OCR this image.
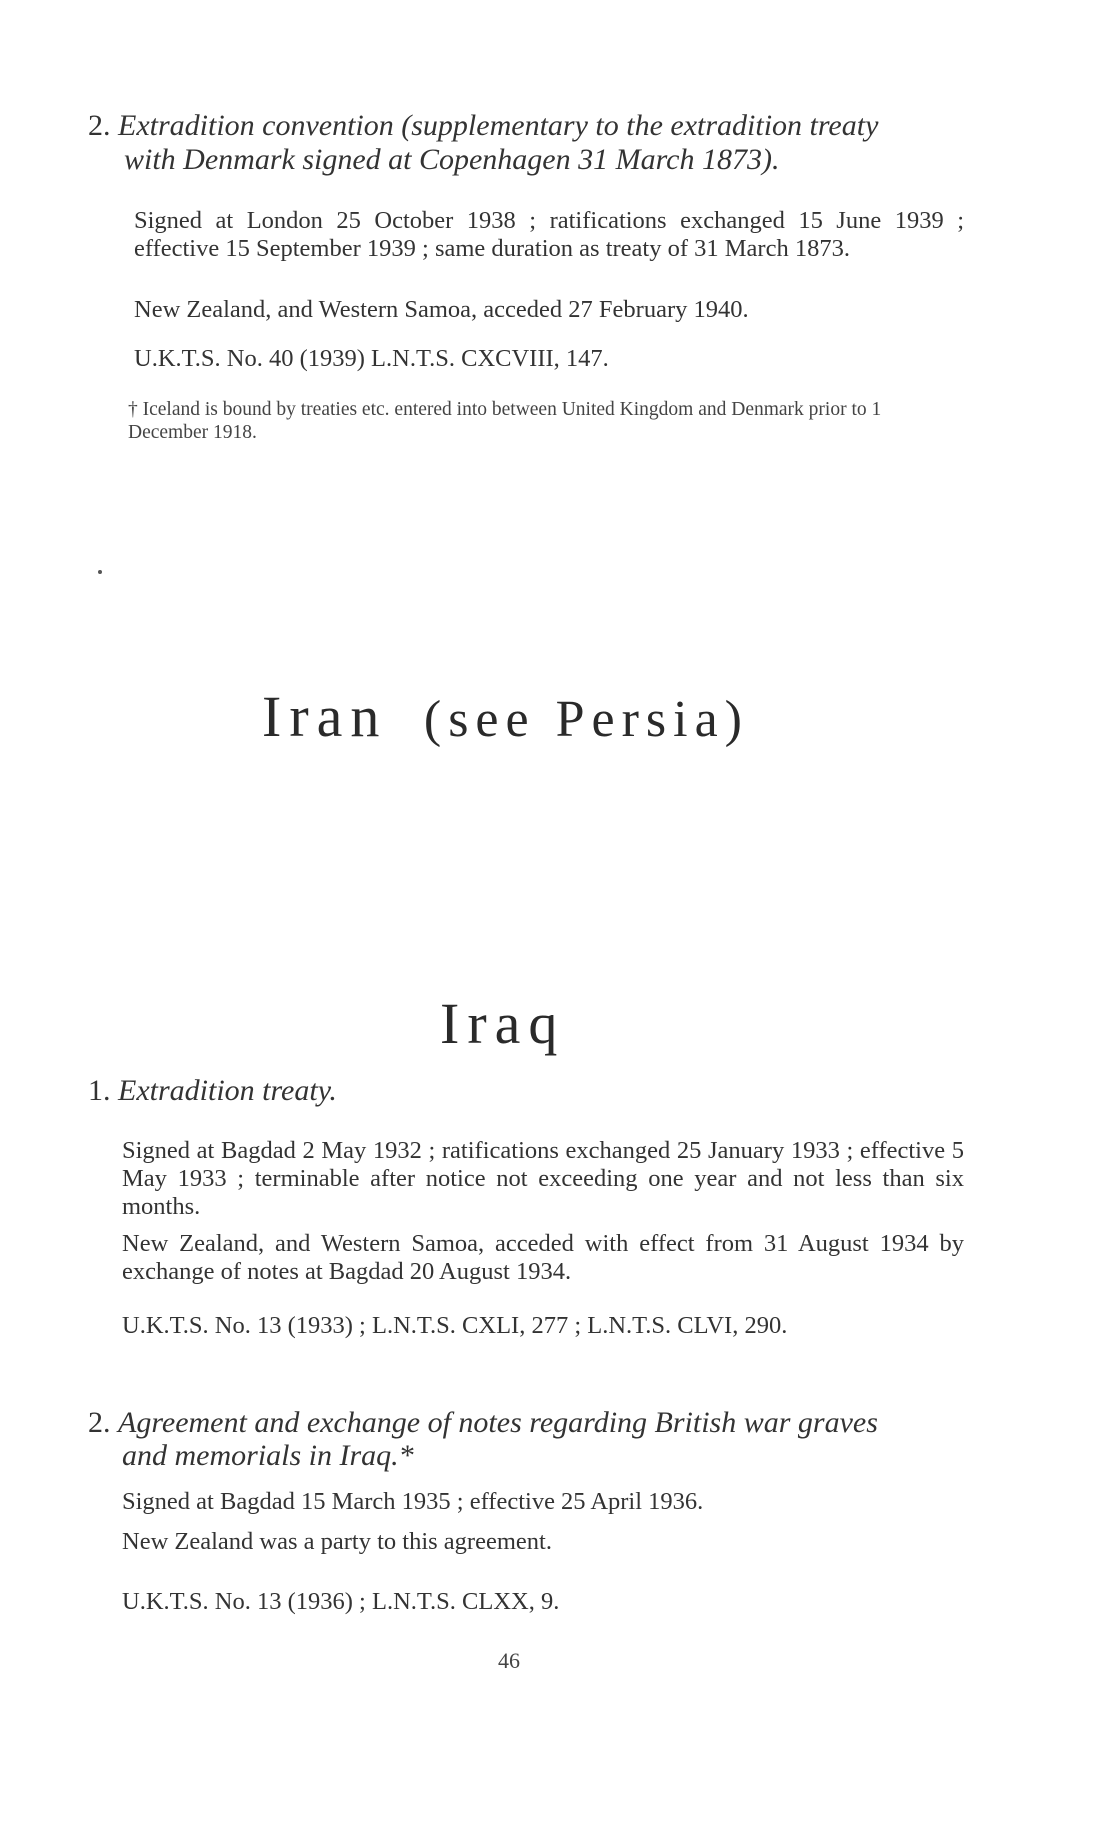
2. Extradition convention (supplementary to the extradition treaty
with Denmark signed at Copenhagen 31 March 1873).
Signed at London 25 October 1938 ; ratifications exchanged 15 June 1939 ; effective 15 September 1939 ; same duration as treaty of 31 March 1873.
New Zealand, and Western Samoa, acceded 27 February 1940.
U.K.T.S. No. 40 (1939) L.N.T.S. CXCVIII, 147.
† Iceland is bound by treaties etc. entered into between United Kingdom and Denmark prior to 1 December 1918.
Iran (see Persia)
Iraq
1. Extradition treaty.
Signed at Bagdad 2 May 1932 ; ratifications exchanged 25 January 1933 ; effective 5 May 1933 ; terminable after notice not exceeding one year and not less than six months.
New Zealand, and Western Samoa, acceded with effect from 31 August 1934 by exchange of notes at Bagdad 20 August 1934.
U.K.T.S. No. 13 (1933) ; L.N.T.S. CXLI, 277 ; L.N.T.S. CLVI, 290.
2. Agreement and exchange of notes regarding British war graves
and memorials in Iraq.*
Signed at Bagdad 15 March 1935 ; effective 25 April 1936.
New Zealand was a party to this agreement.
U.K.T.S. No. 13 (1936) ; L.N.T.S. CLXX, 9.
46
